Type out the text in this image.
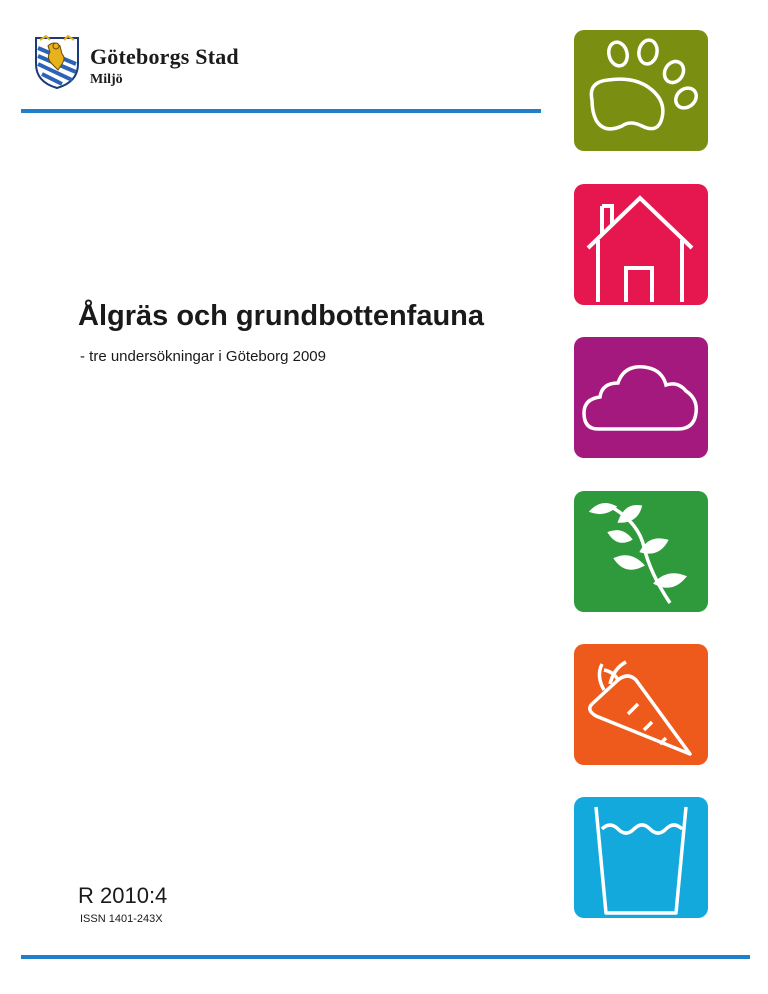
Göteborgs Stad
Miljö
Ålgräs och grundbottenfauna
- tre undersökningar i Göteborg 2009
R 2010:4
ISSN 1401-243X
